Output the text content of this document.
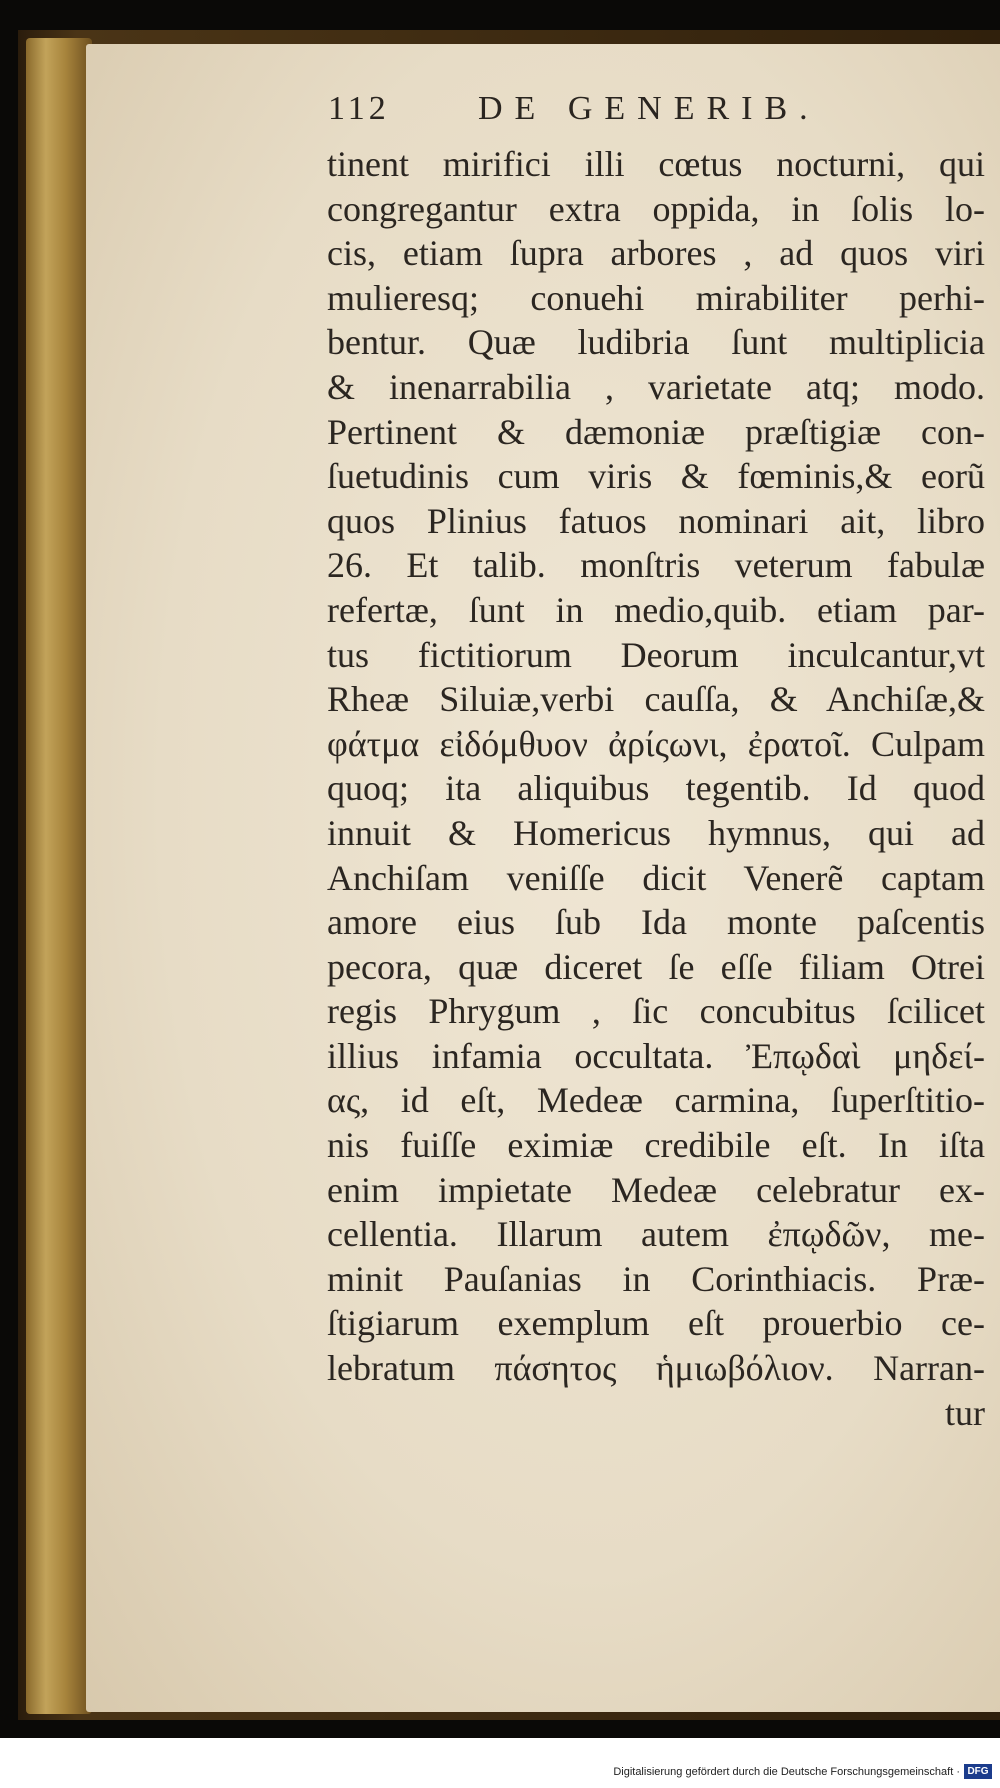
112	DE GENERIB.
tinent mirifici illi cœtus nocturni, qui
congregantur extra oppida, in ſolis lo-
cis, etiam ſupra arbores , ad quos viri
mulieresq; conuehi mirabiliter perhi-
bentur. Quæ ludibria ſunt multiplicia
& inenarrabilia , varietate atq; modo.
Pertinent & dæmoniæ præſtigiæ con-
ſuetudinis cum viris & fœminis,& eorũ
quos Plinius fatuos nominari ait, libro
26. Et talib. monſtris veterum fabulæ
refertæ, ſunt in medio,quib. etiam par-
tus fictitiorum Deorum inculcantur,vt
Rheæ Siluiæ,verbi cauſſa, & Anchiſæ,&
φάτμα εἰδόμθυον ἀρίςωνι, ἐρατοῖ. Culpam
quoq; ita aliquibus tegentib. Id quod
innuit & Homericus hymnus, qui ad
Anchiſam veniſſe dicit Venerẽ captam
amore eius ſub Ida monte paſcentis
pecora, quæ diceret ſe eſſe filiam Otrei
regis Phrygum , ſic concubitus ſcilicet
illius infamia occultata. Ἐπῳδαὶ μηδεί-
ας, id eſt, Medeæ carmina, ſuperſtitio-
nis fuiſſe eximiæ credibile eſt. In iſta
enim impietate Medeæ celebratur ex-
cellentia. Illarum autem ἐπῳδῶν, me-
minit Pauſanias in Corinthiacis. Præ-
ſtigiarum exemplum eſt prouerbio ce-
lebratum πάσητος ἡμιωβόλιον. Narran-
tur
Digitalisierung gefördert durch die Deutsche Forschungsgemeinschaft · DFG
